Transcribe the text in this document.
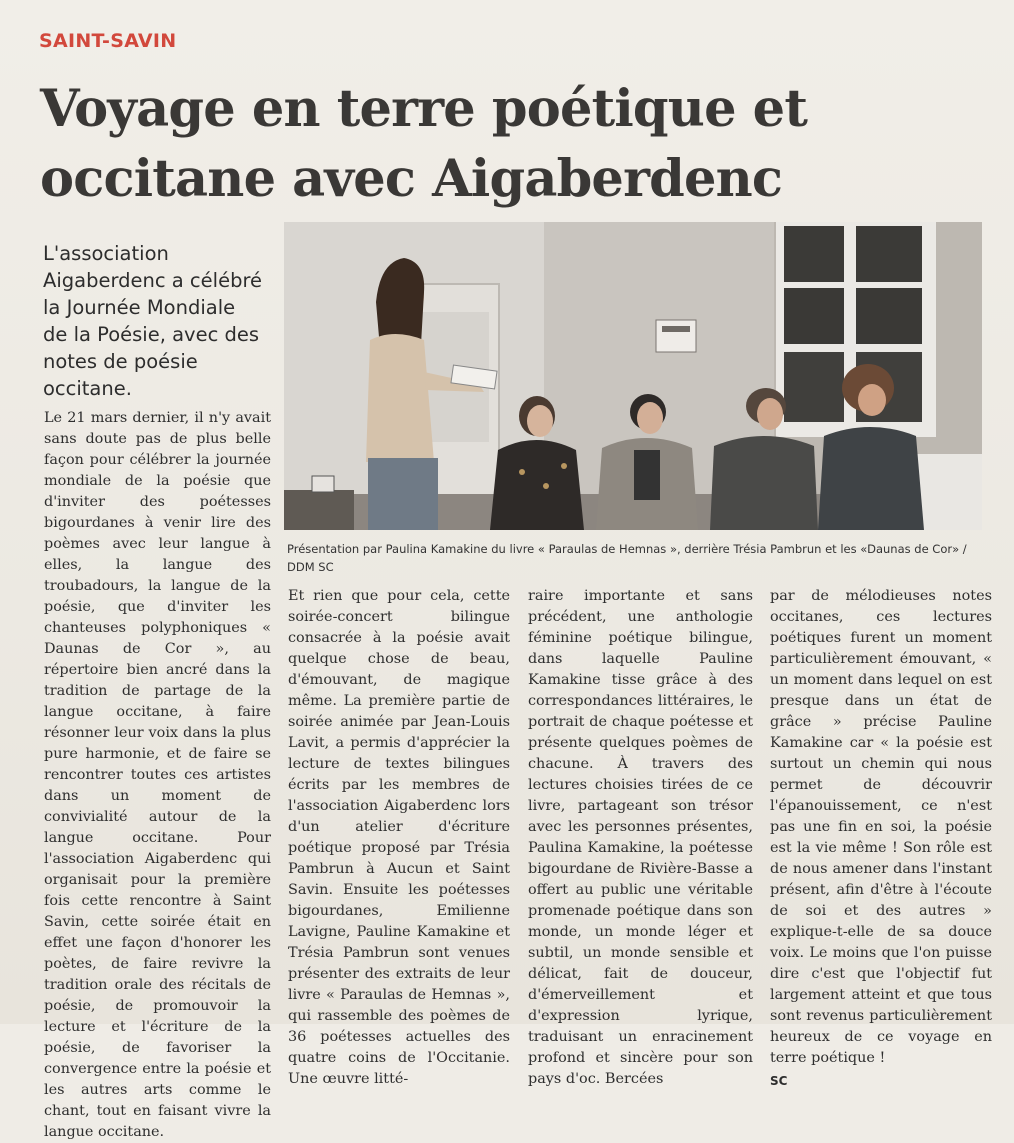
SAINT-SAVIN
Voyage en terre poétique et occitane avec Aigaberdenc

L'association Aigaberdenc a célébré la Journée Mondiale de la Poésie, avec des notes de poésie occitane.

Présentation par Paulina Kamakine du livre « Paraulas de Hemnas », derrière Trésia Pambrun et les «Daunas de Cor» / DDM SC

Le 21 mars dernier, il n'y avait sans doute pas de plus belle façon pour célébrer la journée mondiale de la poésie que d'inviter des poétesses bigourdanes à venir lire des poèmes avec leur langue à elles, la langue des troubadours, la langue de la poésie, que d'inviter les chanteuses polyphoniques « Daunas de Cor », au répertoire bien ancré dans la tradition de partage de la langue occitane, à faire résonner leur voix dans la plus pure harmonie, et de faire se rencontrer toutes ces artistes dans un moment de convivialité autour de la langue occitane. Pour l'association Aigaberdenc qui organisait pour la première fois cette rencontre à Saint Savin, cette soirée était en effet une façon d'honorer les poètes, de faire revivre la tradition orale des récitals de poésie, de promouvoir la lecture et l'écriture de la poésie, de favoriser la convergence entre la poésie et les autres arts comme le chant, tout en faisant vivre la langue occitane.

Et rien que pour cela, cette soirée-concert bilingue consacrée à la poésie avait quelque chose de beau, d'émouvant, de magique même. La première partie de soirée animée par Jean-Louis Lavit, a permis d'apprécier la lecture de textes bilingues écrits par les membres de l'association Aigaberdenc lors d'un atelier d'écriture poétique proposé par Trésia Pambrun à Aucun et Saint Savin. Ensuite les poétesses bigourdanes, Emilienne Lavigne, Pauline Kamakine et Trésia Pambrun sont venues présenter des extraits de leur livre « Paraulas de Hemnas », qui rassemble des poèmes de 36 poétesses actuelles des quatre coins de l'Occitanie. Une œuvre litté-

raire importante et sans précédent, une anthologie féminine poétique bilingue, dans laquelle Pauline Kamakine tisse grâce à des correspondances littéraires, le portrait de chaque poétesse et présente quelques poèmes de chacune. À travers des lectures choisies tirées de ce livre, partageant son trésor avec les personnes présentes, Paulina Kamakine, la poétesse bigourdane de Rivière-Basse a offert au public une véritable promenade poétique dans son monde, un monde léger et subtil, un monde sensible et délicat, fait de douceur, d'émerveillement et d'expression lyrique, traduisant un enracinement profond et sincère pour son pays d'oc. Bercées

par de mélodieuses notes occitanes, ces lectures poétiques furent un moment particulièrement émouvant, « un moment dans lequel on est presque dans un état de grâce » précise Pauline Kamakine car « la poésie est surtout un chemin qui nous permet de découvrir l'épanouissement, ce n'est pas une fin en soi, la poésie est la vie même ! Son rôle est de nous amener dans l'instant présent, afin d'être à l'écoute de soi et des autres » explique-t-elle de sa douce voix. Le moins que l'on puisse dire c'est que l'objectif fut largement atteint et que tous sont revenus particulièrement heureux de ce voyage en terre poétique !

SC
